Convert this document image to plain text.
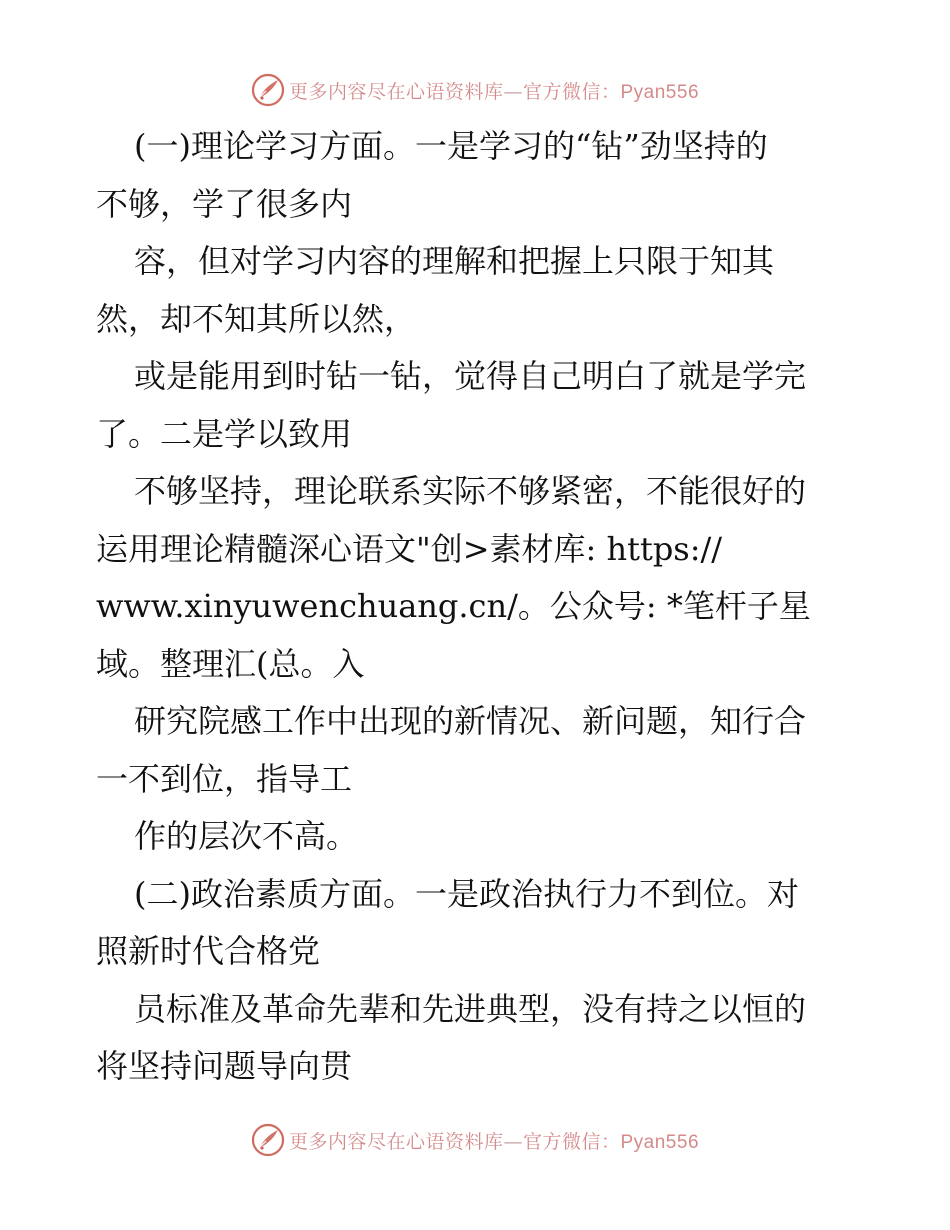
更多内容尽在心语资料库—官方微信：Pyan556

(一)理论学习方面。一是学习的“钻”劲坚持的

不够，学了很多内

容，但对学习内容的理解和把握上只限于知其

然，却不知其所以然，

或是能用到时钻一钻，觉得自己明白了就是学完

了。二是学以致用

不够坚持，理论联系实际不够紧密，不能很好的

运用理论精髓深心语文"创>素材库: https://

www.xinyuwenchuang.cn/。公众号: *笔杆子星

域。整理汇(总。入

研究院感工作中出现的新情况、新问题，知行合

一不到位，指导工

作的层次不高。

(二)政治素质方面。一是政治执行力不到位。对

照新时代合格党

员标准及革命先辈和先进典型，没有持之以恒的

将坚持问题导向贯

更多内容尽在心语资料库—官方微信：Pyan556
